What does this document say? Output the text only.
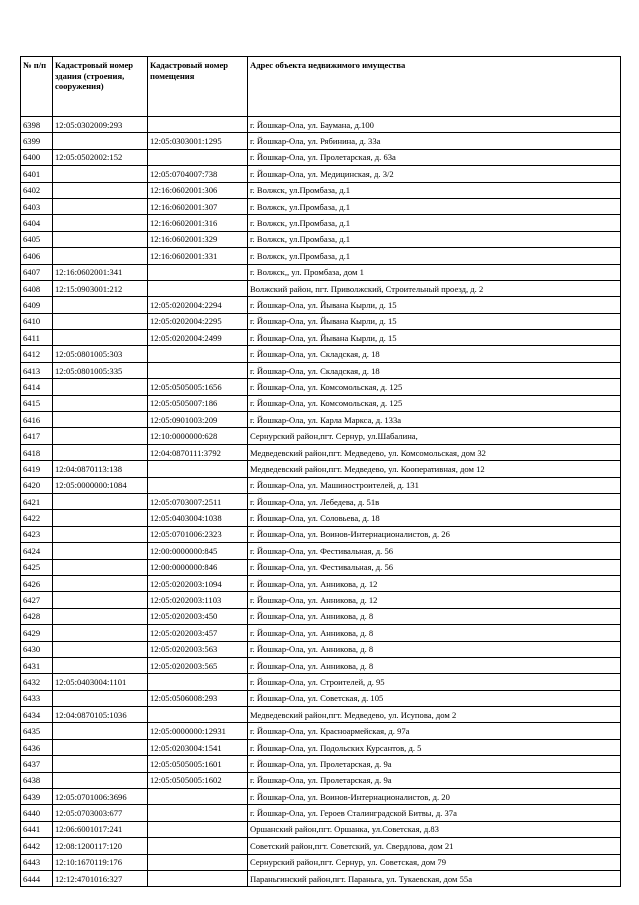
№ п/п	Кадастровый номер здания (строения, сооружения)	Кадастровый номер помещения	Адрес объекта недвижимого имущества
6398	12:05:0302009:293		г. Йошкар-Ола, ул. Баумана, д.100
6399		12:05:0303001:1295	г. Йошкар-Ола, ул. Рябинина, д. 33а
6400	12:05:0502002:152		г. Йошкар-Ола, ул. Пролетарская, д. 63а
6401		12:05:0704007:738	г. Йошкар-Ола, ул. Медицинская, д. 3/2
6402		12:16:0602001:306	г. Волжск, ул.Промбаза, д.1
6403		12:16:0602001:307	г. Волжск, ул.Промбаза, д.1
6404		12:16:0602001:316	г. Волжск, ул.Промбаза, д.1
6405		12:16:0602001:329	г. Волжск, ул.Промбаза, д.1
6406		12:16:0602001:331	г. Волжск, ул.Промбаза, д.1
6407	12:16:0602001:341		г. Волжск,, ул. Промбаза, дом 1
6408	12:15:0903001:212		Волжский район, пгт. Приволжский, Строительный проезд, д. 2
6409		12:05:0202004:2294	г. Йошкар-Ола, ул. Йывана Кырли, д. 15
6410		12:05:0202004:2295	г. Йошкар-Ола, ул. Йывана Кырли, д. 15
6411		12:05:0202004:2499	г. Йошкар-Ола, ул. Йывана Кырли, д. 15
6412	12:05:0801005:303		г. Йошкар-Ола, ул. Складская, д. 18
6413	12:05:0801005:335		г. Йошкар-Ола, ул. Складская, д. 18
6414		12:05:0505005:1656	г. Йошкар-Ола, ул. Комсомольская, д. 125
6415		12:05:0505007:186	г. Йошкар-Ола, ул. Комсомольская, д. 125
6416		12:05:0901003:209	г. Йошкар-Ола, ул. Карла Маркса, д. 133а
6417		12:10:0000000:628	Сернурский район,пгт. Сернур, ул.Шабалина,
6418		12:04:0870111:3792	Медведевский район,пгт. Медведево, ул. Комсомольская, дом 32
6419	12:04:0870113:138		Медведевский район,пгт. Медведево, ул. Кооперативная, дом 12
6420	12:05:0000000:1084		г. Йошкар-Ола, ул. Машиностроителей, д. 131
6421		12:05:0703007:2511	г. Йошкар-Ола, ул. Лебедева, д. 51в
6422		12:05:0403004:1038	г. Йошкар-Ола, ул. Соловьева, д. 18
6423		12:05:0701006:2323	г. Йошкар-Ола, ул. Воинов-Интернационалистов, д. 26
6424		12:00:0000000:845	г. Йошкар-Ола, ул. Фестивальная, д. 56
6425		12:00:0000000:846	г. Йошкар-Ола, ул. Фестивальная, д. 56
6426		12:05:0202003:1094	г. Йошкар-Ола, ул. Анникова, д. 12
6427		12:05:0202003:1103	г. Йошкар-Ола, ул. Анникова, д. 12
6428		12:05:0202003:450	г. Йошкар-Ола, ул. Анникова, д. 8
6429		12:05:0202003:457	г. Йошкар-Ола, ул. Анникова, д. 8
6430		12:05:0202003:563	г. Йошкар-Ола, ул. Анникова, д. 8
6431		12:05:0202003:565	г. Йошкар-Ола, ул. Анникова, д. 8
6432	12:05:0403004:1101		г. Йошкар-Ола, ул. Строителей, д. 95
6433		12:05:0506008:293	г. Йошкар-Ола, ул. Советская, д. 105
6434	12:04:0870105:1036		Медведевский район,пгт. Медведево, ул. Исупова, дом 2
6435		12:05:0000000:12931	г. Йошкар-Ола, ул. Красноармейская, д. 97а
6436		12:05:0203004:1541	г. Йошкар-Ола, ул. Подольских Курсантов, д. 5
6437		12:05:0505005:1601	г. Йошкар-Ола, ул. Пролетарская, д. 9а
6438		12:05:0505005:1602	г. Йошкар-Ола, ул. Пролетарская, д. 9а
6439	12:05:0701006:3696		г. Йошкар-Ола, ул. Воинов-Интернационалистов, д. 20
6440	12:05:0703003:677		г. Йошкар-Ола, ул. Героев Сталинградской Битвы, д. 37а
6441	12:06:6001017:241		Оршанский район,пгт. Оршанка, ул.Советская, д.83
6442	12:08:1200117:120		Советский район,пгт. Советский, ул. Свердлова, дом 21
6443	12:10:1670119:176		Сернурский район,пгт. Сернур, ул. Советская, дом 79
6444	12:12:4701016:327		Параньгинский район,пгт. Параньга, ул. Тукаевская, дом 55а
